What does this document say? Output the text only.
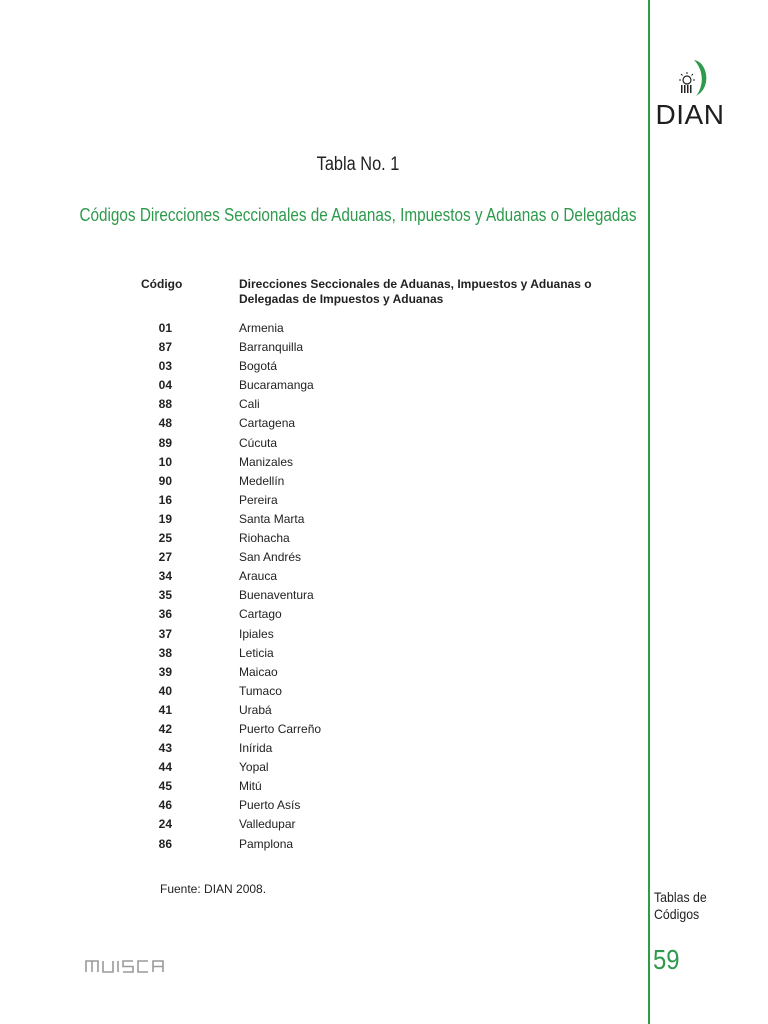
DIAN
Tabla No. 1
Códigos Direcciones Seccionales de Aduanas, Impuestos y Aduanas o Delegadas
Código	Direcciones Seccionales de Aduanas, Impuestos y Aduanas o Delegadas de Impuestos y Aduanas
01	Armenia
87	Barranquilla
03	Bogotá
04	Bucaramanga
88	Cali
48	Cartagena
89	Cúcuta
10	Manizales
90	Medellín
16	Pereira
19	Santa Marta
25	Riohacha
27	San Andrés
34	Arauca
35	Buenaventura
36	Cartago
37	Ipiales
38	Leticia
39	Maicao
40	Tumaco
41	Urabá
42	Puerto Carreño
43	Inírida
44	Yopal
45	Mitú
46	Puerto Asís
24	Valledupar
86	Pamplona
Fuente: DIAN 2008.	Tablas de
Códigos
59
